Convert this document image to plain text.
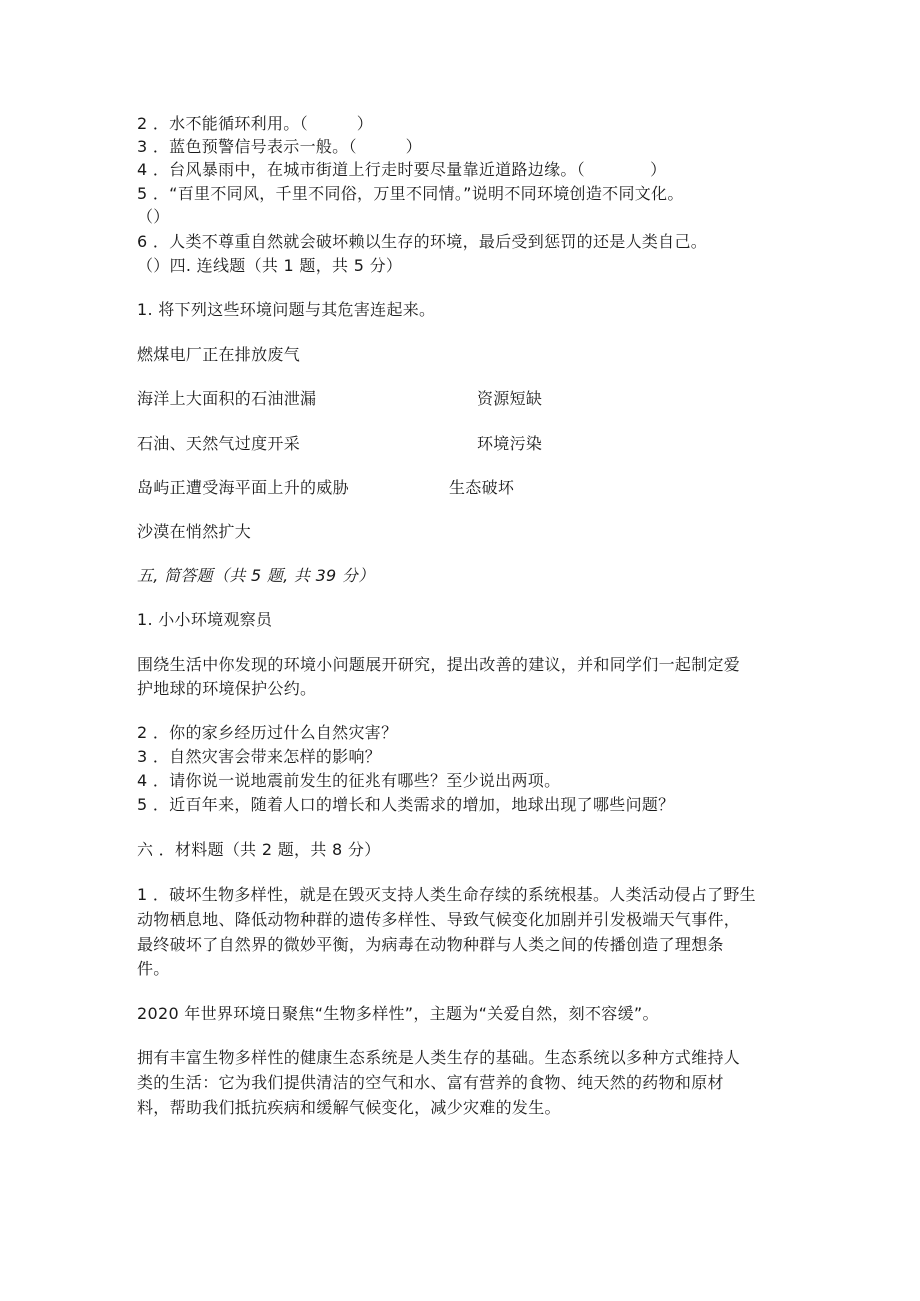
2 ．水不能循环利用。（　　　）
3 ．蓝色预警信号表示一般。（　　　）
4 ．台风暴雨中，在城市街道上行走时要尽量靠近道路边缘。（　　　　）
5 ．“百里不同风，千里不同俗，万里不同情。”说明不同环境创造不同文化。
（）
6 ．人类不尊重自然就会破坏赖以生存的环境，最后受到惩罚的还是人类自己。
（）四. 连线题（共 1 题，共 5 分）
1. 将下列这些环境问题与其危害连起来。
燃煤电厂正在排放废气
海洋上大面积的石油泄漏	资源短缺
石油、天然气过度开采	环境污染
岛屿正遭受海平面上升的威胁	生态破坏
沙漠在悄然扩大
五, 简答题（共 5 题, 共 39 分）
1. 小小环境观察员
围绕生活中你发现的环境小问题展开研究，提出改善的建议，并和同学们一起制定爱
护地球的环境保护公约。
2 ．你的家乡经历过什么自然灾害？
3 ．自然灾害会带来怎样的影响？
4 ．请你说一说地震前发生的征兆有哪些？至少说出两项。
5 ．近百年来，随着人口的增长和人类需求的增加，地球出现了哪些问题？
六 ．材料题（共 2 题，共 8 分）
1 ．破坏生物多样性，就是在毁灭支持人类生命存续的系统根基。人类活动侵占了野生
动物栖息地、降低动物种群的遗传多样性、导致气候变化加剧并引发极端天气事件，
最终破坏了自然界的微妙平衡，为病毒在动物种群与人类之间的传播创造了理想条
件。
2020 年世界环境日聚焦“生物多样性”，主题为“关爱自然，刻不容缓”。
拥有丰富生物多样性的健康生态系统是人类生存的基础。生态系统以多种方式维持人
类的生活：它为我们提供清洁的空气和水、富有营养的食物、纯天然的药物和原材
料，帮助我们抵抗疾病和缓解气候变化，减少灾难的发生。
